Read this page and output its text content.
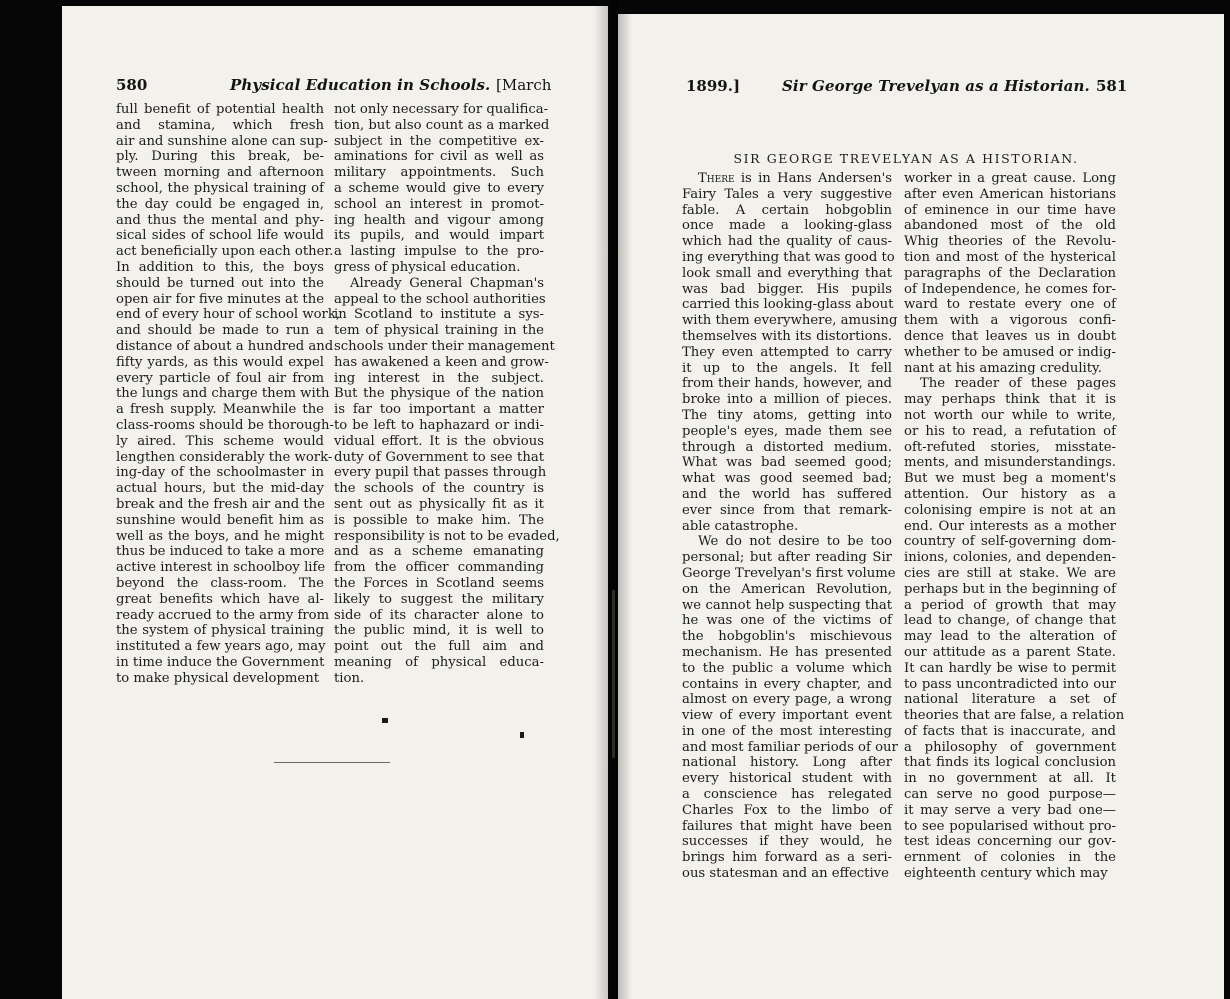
580	Physical Education in Schools. [March
full benefit of potential health
and stamina, which fresh
air and sunshine alone can sup-
ply. During this break, be-
tween morning and afternoon
school, the physical training of
the day could be engaged in,
and thus the mental and phy-
sical sides of school life would
act beneficially upon each other.
In addition to this, the boys
should be turned out into the
open air for five minutes at the
end of every hour of school work,
and should be made to run a
distance of about a hundred and
fifty yards, as this would expel
every particle of foul air from
the lungs and charge them with
a fresh supply. Meanwhile the
class-rooms should be thorough-
ly aired. This scheme would
lengthen considerably the work-
ing-day of the schoolmaster in
actual hours, but the mid-day
break and the fresh air and the
sunshine would benefit him as
well as the boys, and he might
thus be induced to take a more
active interest in schoolboy life
beyond the class-room. The
great benefits which have al-
ready accrued to the army from
the system of physical training
instituted a few years ago, may
in time induce the Government
to make physical development
not only necessary for qualifica-
tion, but also count as a marked
subject in the competitive ex-
aminations for civil as well as
military appointments. Such
a scheme would give to every
school an interest in promot-
ing health and vigour among
its pupils, and would impart
a lasting impulse to the pro-
gress of physical education.
Already General Chapman's
appeal to the school authorities
in Scotland to institute a sys-
tem of physical training in the
schools under their management
has awakened a keen and grow-
ing interest in the subject.
But the physique of the nation
is far too important a matter
to be left to haphazard or indi-
vidual effort. It is the obvious
duty of Government to see that
every pupil that passes through
the schools of the country is
sent out as physically fit as it
is possible to make him. The
responsibility is not to be evaded,
and as a scheme emanating
from the officer commanding
the Forces in Scotland seems
likely to suggest the military
side of its character alone to
the public mind, it is well to
point out the full aim and
meaning of physical educa-
tion.
1899.]	Sir George Trevelyan as a Historian. 581
SIR GEORGE TREVELYAN AS A HISTORIAN.
There is in Hans Andersen's
Fairy Tales a very suggestive
fable. A certain hobgoblin
once made a looking-glass
which had the quality of caus-
ing everything that was good to
look small and everything that
was bad bigger. His pupils
carried this looking-glass about
with them everywhere, amusing
themselves with its distortions.
They even attempted to carry
it up to the angels. It fell
from their hands, however, and
broke into a million of pieces.
The tiny atoms, getting into
people's eyes, made them see
through a distorted medium.
What was bad seemed good;
what was good seemed bad;
and the world has suffered
ever since from that remark-
able catastrophe.
We do not desire to be too
personal; but after reading Sir
George Trevelyan's first volume
on the American Revolution,
we cannot help suspecting that
he was one of the victims of
the hobgoblin's mischievous
mechanism. He has presented
to the public a volume which
contains in every chapter, and
almost on every page, a wrong
view of every important event
in one of the most interesting
and most familiar periods of our
national history. Long after
every historical student with
a conscience has relegated
Charles Fox to the limbo of
failures that might have been
successes if they would, he
brings him forward as a seri-
ous statesman and an effective
worker in a great cause. Long
after even American historians
of eminence in our time have
abandoned most of the old
Whig theories of the Revolu-
tion and most of the hysterical
paragraphs of the Declaration
of Independence, he comes for-
ward to restate every one of
them with a vigorous confi-
dence that leaves us in doubt
whether to be amused or indig-
nant at his amazing credulity.
The reader of these pages
may perhaps think that it is
not worth our while to write,
or his to read, a refutation of
oft-refuted stories, misstate-
ments, and misunderstandings.
But we must beg a moment's
attention. Our history as a
colonising empire is not at an
end. Our interests as a mother
country of self-governing dom-
inions, colonies, and dependen-
cies are still at stake. We are
perhaps but in the beginning of
a period of growth that may
lead to change, of change that
may lead to the alteration of
our attitude as a parent State.
It can hardly be wise to permit
to pass uncontradicted into our
national literature a set of
theories that are false, a relation
of facts that is inaccurate, and
a philosophy of government
that finds its logical conclusion
in no government at all. It
can serve no good purpose—
it may serve a very bad one—
to see popularised without pro-
test ideas concerning our gov-
ernment of colonies in the
eighteenth century which may
